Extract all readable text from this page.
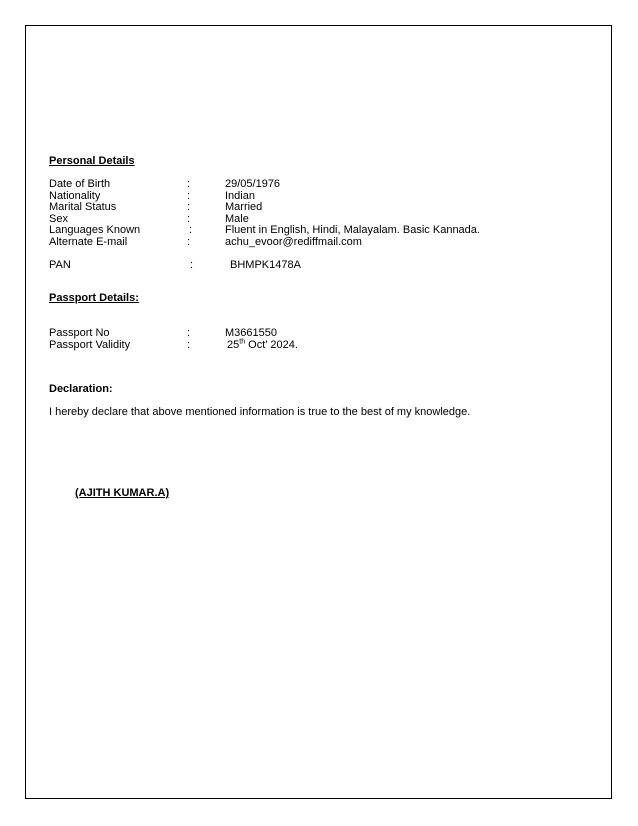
Personal Details
Date of Birth	:	29/05/1976
Nationality	:	Indian
Marital Status	:	Married
Sex	:	Male
Languages Known	:	Fluent in English, Hindi, Malayalam. Basic Kannada.
Alternate E-mail	:	achu_evoor@rediffmail.com
PAN	:	BHMPK1478A
Passport Details:
Passport No	:	M3661550
Passport Validity	:	25th Oct’ 2024.
Declaration:
I hereby declare that above mentioned information is true to the best of my knowledge.
(AJITH KUMAR.A)
